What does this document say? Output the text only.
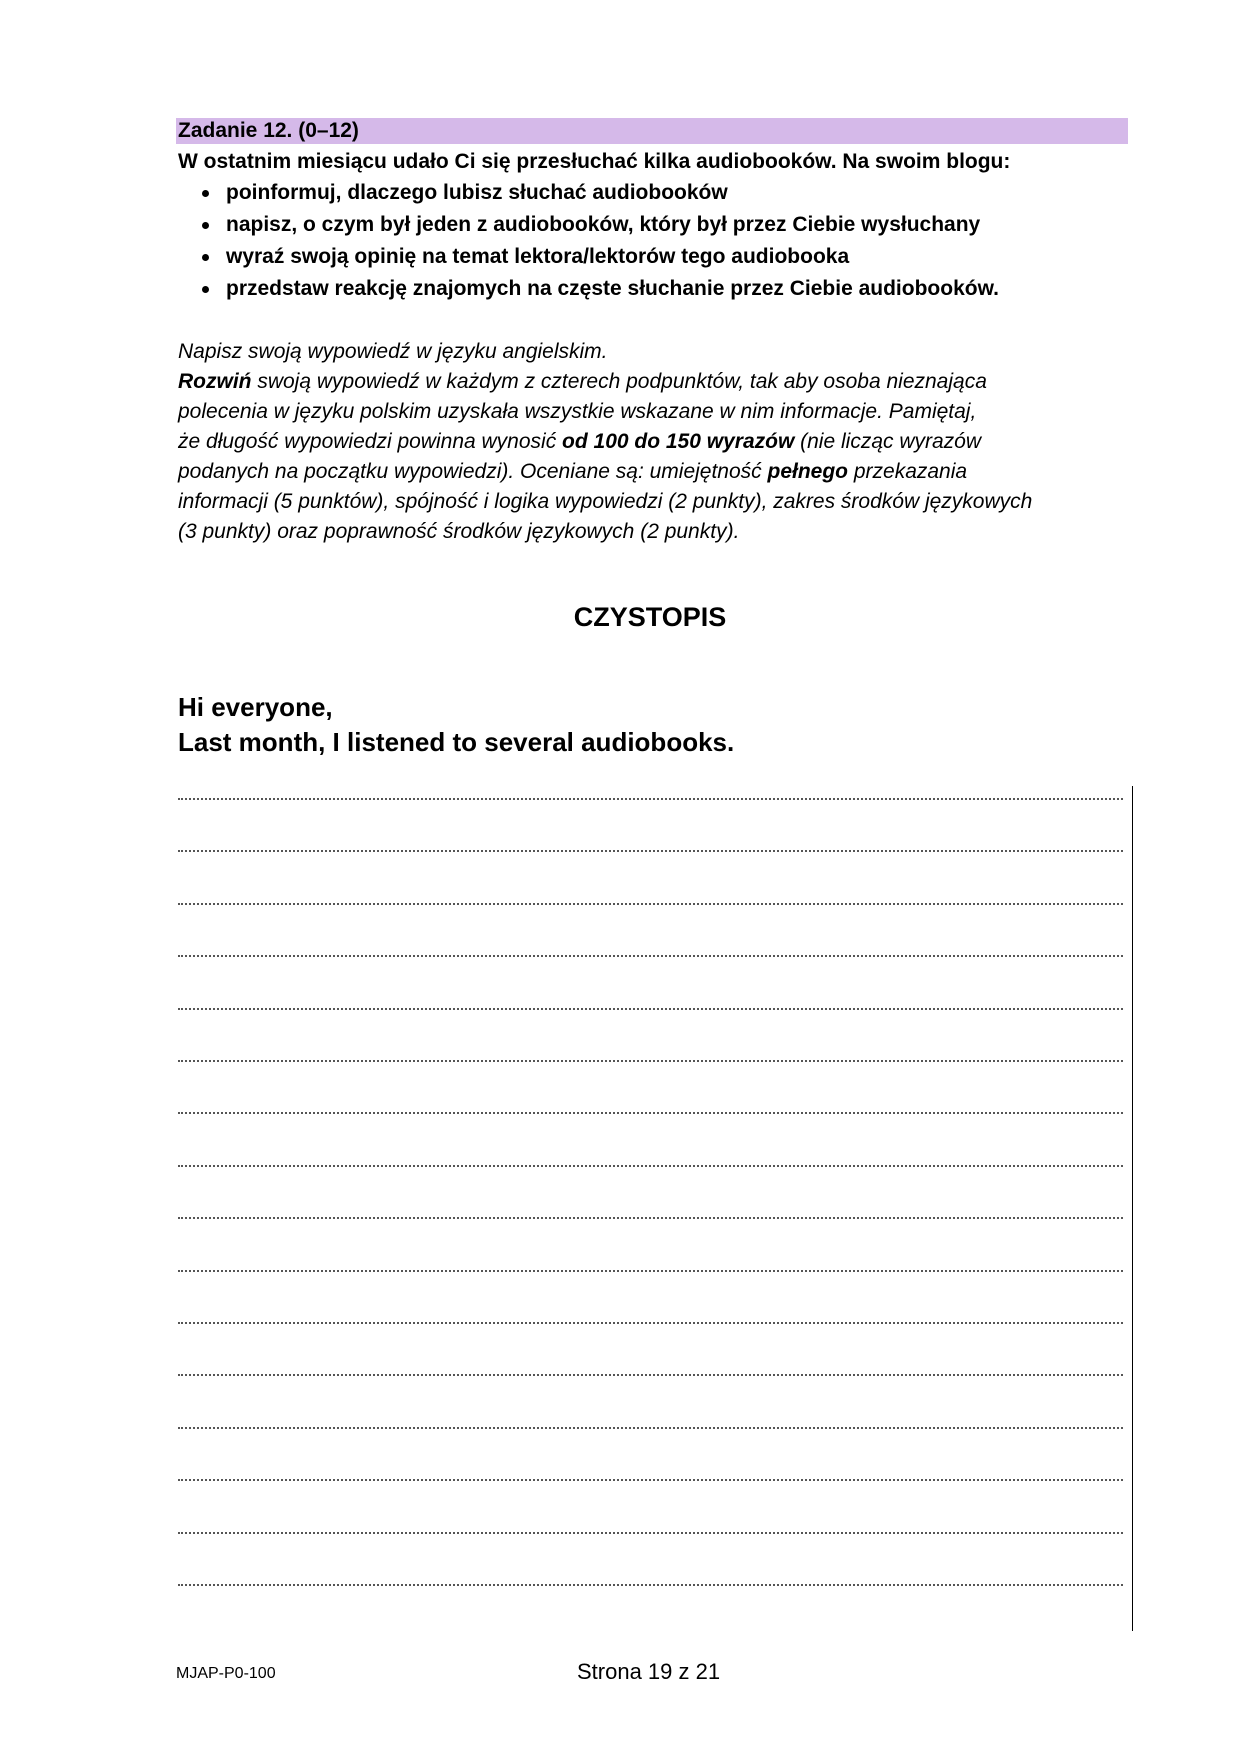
Zadanie 12. (0–12)
W ostatnim miesiącu udało Ci się przesłuchać kilka audiobooków. Na swoim blogu:
poinformuj, dlaczego lubisz słuchać audiobooków
napisz, o czym był jeden z audiobooków, który był przez Ciebie wysłuchany
wyraź swoją opinię na temat lektora/lektorów tego audiobooka
przedstaw reakcję znajomych na częste słuchanie przez Ciebie audiobooków.

Napisz swoją wypowiedź w języku angielskim.

Rozwiń swoją wypowiedź w każdym z czterech podpunktów, tak aby osoba nieznająca

polecenia w języku polskim uzyskała wszystkie wskazane w nim informacje. Pamiętaj,

że długość wypowiedzi powinna wynosić od 100 do 150 wyrazów (nie licząc wyrazów

podanych na początku wypowiedzi). Oceniane są: umiejętność pełnego przekazania

informacji (5 punktów), spójność i logika wypowiedzi (2 punkty), zakres środków językowych

(3 punkty) oraz poprawność środków językowych (2 punkty).

CZYSTOPIS
Hi everyone,
Last month, I listened to several audiobooks.
MJAP-P0-100	Strona 19 z 21
